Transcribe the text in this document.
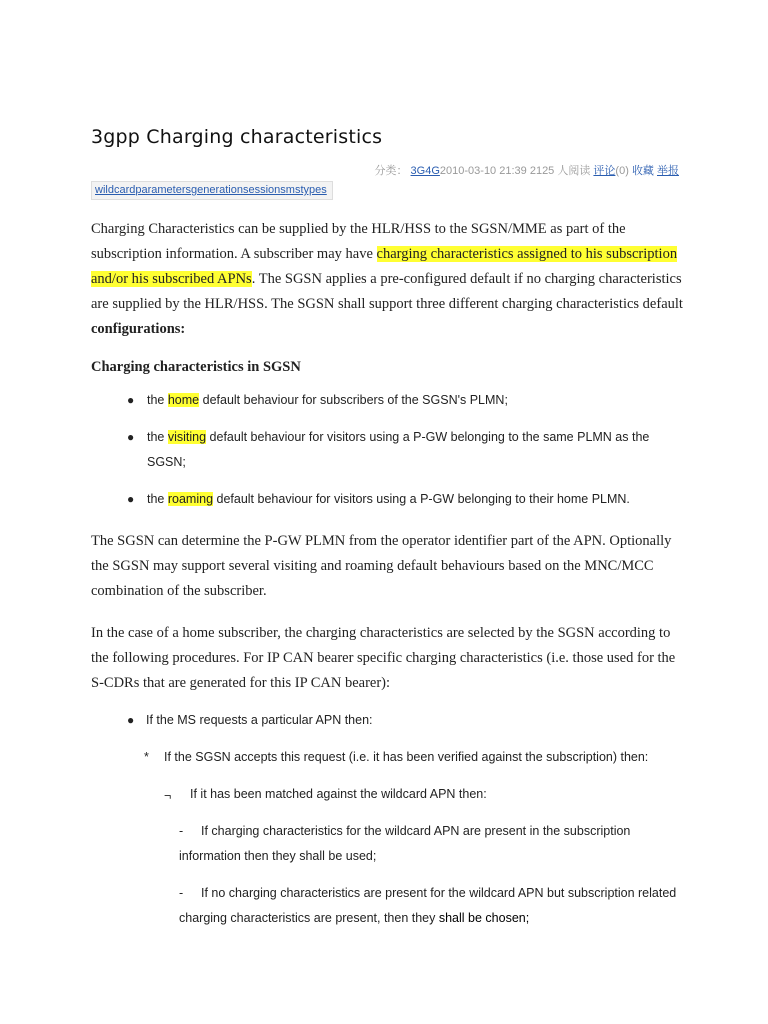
3gpp Charging characteristics
分类： 3G4G2010-03-10 21:39 2125 人阅读 评论(0) 收藏 举报
wildcardparametersgenerationsessionsmstypes

Charging Characteristics can be supplied by the HLR/HSS to the SGSN/MME as part of the subscription information. A subscriber may have charging characteristics assigned to his subscription and/or his subscribed APNs. The SGSN applies a pre-configured default if no charging characteristics are supplied by the HLR/HSS. The SGSN shall support three different charging characteristics default configurations:

Charging characteristics in SGSN
● the home default behaviour for subscribers of the SGSN's PLMN;
● the visiting default behaviour for visitors using a P-GW belonging to the same PLMN as the SGSN;
● the roaming default behaviour for visitors using a P-GW belonging to their home PLMN.

The SGSN can determine the P-GW PLMN from the operator identifier part of the APN. Optionally the SGSN may support several visiting and roaming default behaviours based on the MNC/MCC combination of the subscriber.

In the case of a home subscriber, the charging characteristics are selected by the SGSN according to the following procedures. For IP CAN bearer specific charging characteristics (i.e. those used for the S-CDRs that are generated for this IP CAN bearer):

● If the MS requests a particular APN then:
* If the SGSN accepts this request (i.e. it has been verified against the subscription) then:
¬ If it has been matched against the wildcard APN then:
- If charging characteristics for the wildcard APN are present in the subscription information then they shall be used;
- If no charging characteristics are present for the wildcard APN but subscription related charging characteristics are present, then they shall be chosen;
